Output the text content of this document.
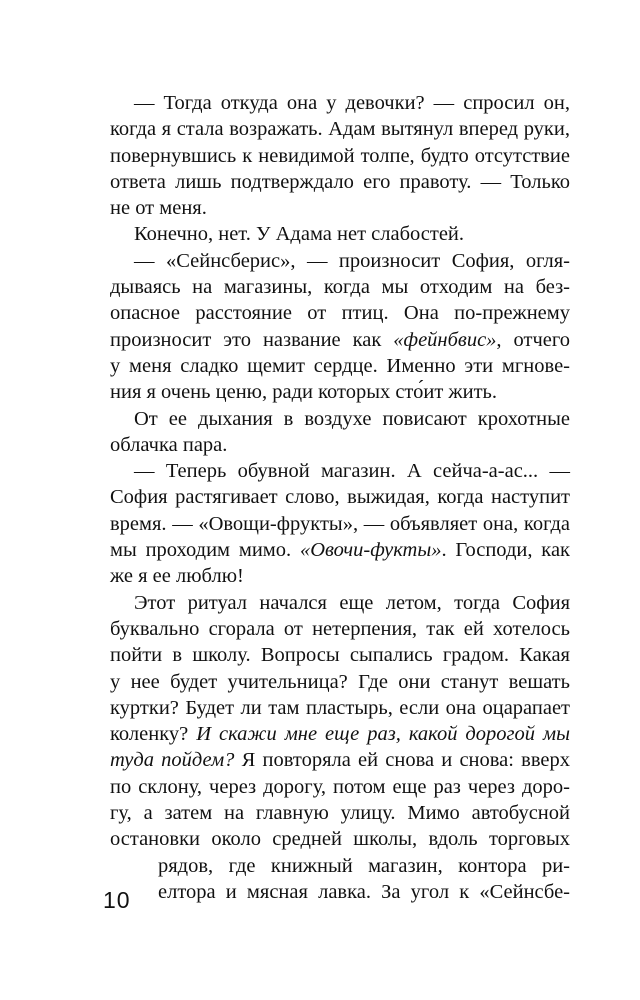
— Тогда откуда она у девочки? — спросил он,
когда я стала возражать. Адам вытянул вперед руки,
повернувшись к невидимой толпе, будто отсутствие
ответа лишь подтверждало его правоту. — Только
не от меня.
Конечно, нет. У Адама нет слабостей.
— «Сейнсберис», — произносит София, огля-
дываясь на магазины, когда мы отходим на без-
опасное расстояние от птиц. Она по-прежнему
произносит это название как «фейнбвис», отчего
у меня сладко щемит сердце. Именно эти мгнове-
ния я очень ценю, ради которых сто́ит жить.
От ее дыхания в воздухе повисают крохотные
облачка пара.
— Теперь обувной магазин. А сейча-а-ас... —
София растягивает слово, выжидая, когда наступит
время. — «Овощи-фрукты», — объявляет она, когда
мы проходим мимо. «Овочи-фукты». Господи, как
же я ее люблю!
Этот ритуал начался еще летом, тогда София
буквально сгорала от нетерпения, так ей хотелось
пойти в школу. Вопросы сыпались градом. Какая
у нее будет учительница? Где они станут вешать
куртки? Будет ли там пластырь, если она оцарапает
коленку? И скажи мне еще раз, какой дорогой мы
туда пойдем? Я повторяла ей снова и снова: вверх
по склону, через дорогу, потом еще раз через доро-
гу, а затем на главную улицу. Мимо автобусной
остановки около средней школы, вдоль торговых
рядов, где книжный магазин, контора ри-
елтора и мясная лавка. За угол к «Сейнсбе-
10
